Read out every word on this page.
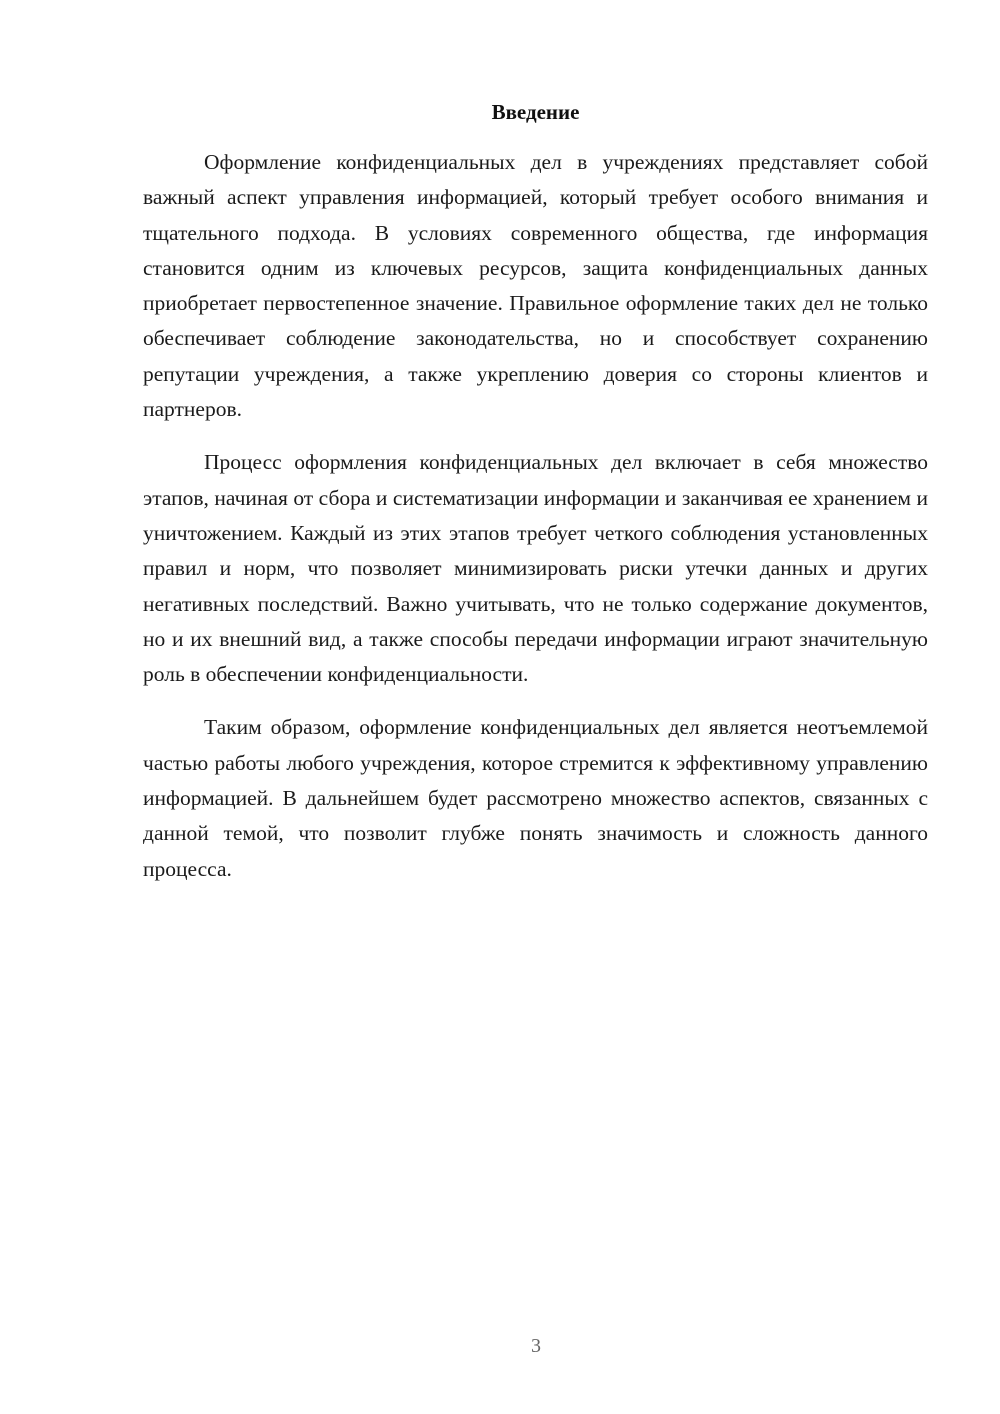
Введение

Оформление конфиденциальных дел в учреждениях представляет собой важный аспект управления информацией, который требует особого внимания и тщательного подхода. В условиях современного общества, где информация становится одним из ключевых ресурсов, защита конфиденциальных данных приобретает первостепенное значение. Правильное оформление таких дел не только обеспечивает соблюдение законодательства, но и способствует сохранению репутации учреждения, а также укреплению доверия со стороны клиентов и партнеров.

Процесс оформления конфиденциальных дел включает в себя множество этапов, начиная от сбора и систематизации информации и заканчивая ее хранением и уничтожением. Каждый из этих этапов требует четкого соблюдения установленных правил и норм, что позволяет минимизировать риски утечки данных и других негативных последствий. Важно учитывать, что не только содержание документов, но и их внешний вид, а также способы передачи информации играют значительную роль в обеспечении конфиденциальности.

Таким образом, оформление конфиденциальных дел является неотъемлемой частью работы любого учреждения, которое стремится к эффективному управлению информацией. В дальнейшем будет рассмотрено множество аспектов, связанных с данной темой, что позволит глубже понять значимость и сложность данного процесса.

3
